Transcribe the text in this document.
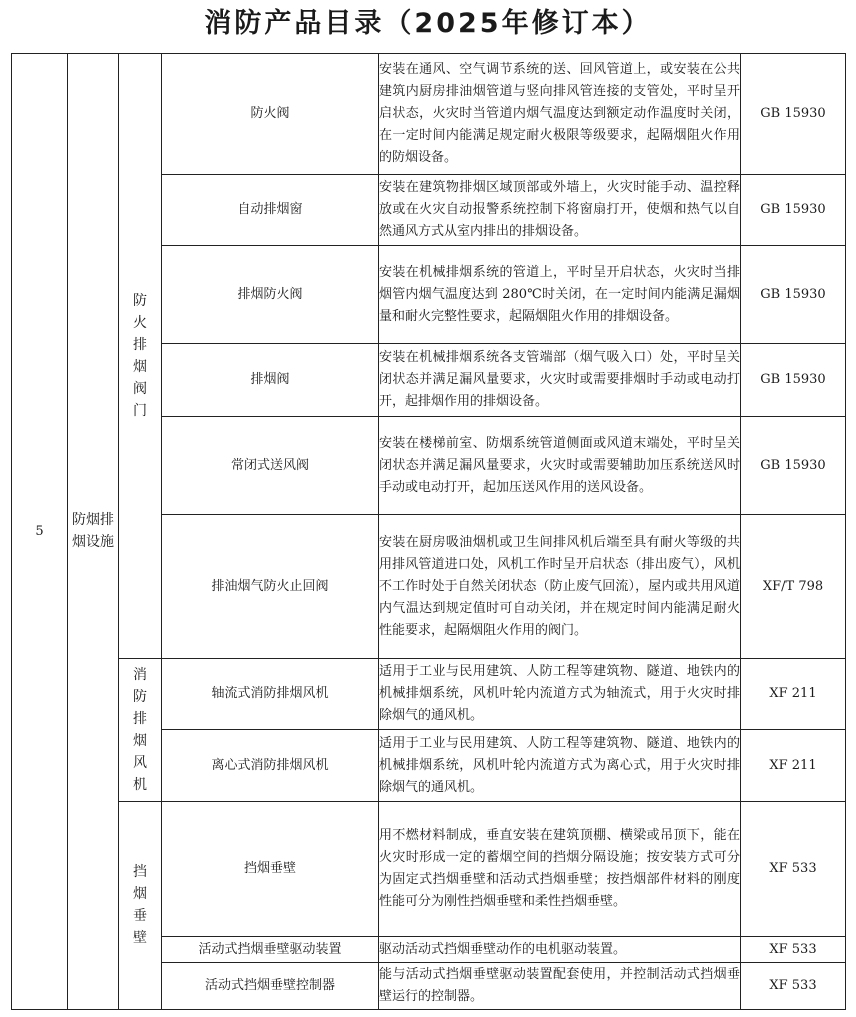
消防产品目录（2025年修订本）
5	防烟排烟设施	防火排烟阀门	防火阀	安装在通风、空气调节系统的送、回风管道上，或安装在公共建筑内厨房排油烟管道与竖向排风管连接的支管处，平时呈开启状态，火灾时当管道内烟气温度达到额定动作温度时关闭，在一定时间内能满足规定耐火极限等级要求，起隔烟阻火作用的防烟设备。	GB 15930
			自动排烟窗	安装在建筑物排烟区域顶部或外墙上，火灾时能手动、温控释放或在火灾自动报警系统控制下将窗扇打开，使烟和热气以自然通风方式从室内排出的排烟设备。	GB 15930
			排烟防火阀	安装在机械排烟系统的管道上，平时呈开启状态，火灾时当排烟管内烟气温度达到 280℃时关闭，在一定时间内能满足漏烟量和耐火完整性要求，起隔烟阻火作用的排烟设备。	GB 15930
			排烟阀	安装在机械排烟系统各支管端部（烟气吸入口）处，平时呈关闭状态并满足漏风量要求，火灾时或需要排烟时手动或电动打开，起排烟作用的排烟设备。	GB 15930
			常闭式送风阀	安装在楼梯前室、防烟系统管道侧面或风道末端处，平时呈关闭状态并满足漏风量要求，火灾时或需要辅助加压系统送风时手动或电动打开，起加压送风作用的送风设备。	GB 15930
			排油烟气防火止回阀	安装在厨房吸油烟机或卫生间排风机后端至具有耐火等级的共用排风管道进口处，风机工作时呈开启状态（排出废气），风机不工作时处于自然关闭状态（防止废气回流），屋内或共用风道内气温达到规定值时可自动关闭，并在规定时间内能满足耐火性能要求，起隔烟阻火作用的阀门。	XF/T 798
		消防排烟风机	轴流式消防排烟风机	适用于工业与民用建筑、人防工程等建筑物、隧道、地铁内的机械排烟系统，风机叶轮内流道方式为轴流式，用于火灾时排除烟气的通风机。	XF 211
			离心式消防排烟风机	适用于工业与民用建筑、人防工程等建筑物、隧道、地铁内的机械排烟系统，风机叶轮内流道方式为离心式，用于火灾时排除烟气的通风机。	XF 211
		挡烟垂壁	挡烟垂壁	用不燃材料制成，垂直安装在建筑顶棚、横梁或吊顶下，能在火灾时形成一定的蓄烟空间的挡烟分隔设施；按安装方式可分为固定式挡烟垂壁和活动式挡烟垂壁；按挡烟部件材料的刚度性能可分为刚性挡烟垂壁和柔性挡烟垂壁。	XF 533
			活动式挡烟垂壁驱动装置	驱动活动式挡烟垂壁动作的电机驱动装置。	XF 533
			活动式挡烟垂壁控制器	能与活动式挡烟垂壁驱动装置配套使用，并控制活动式挡烟垂壁运行的控制器。	XF 533
